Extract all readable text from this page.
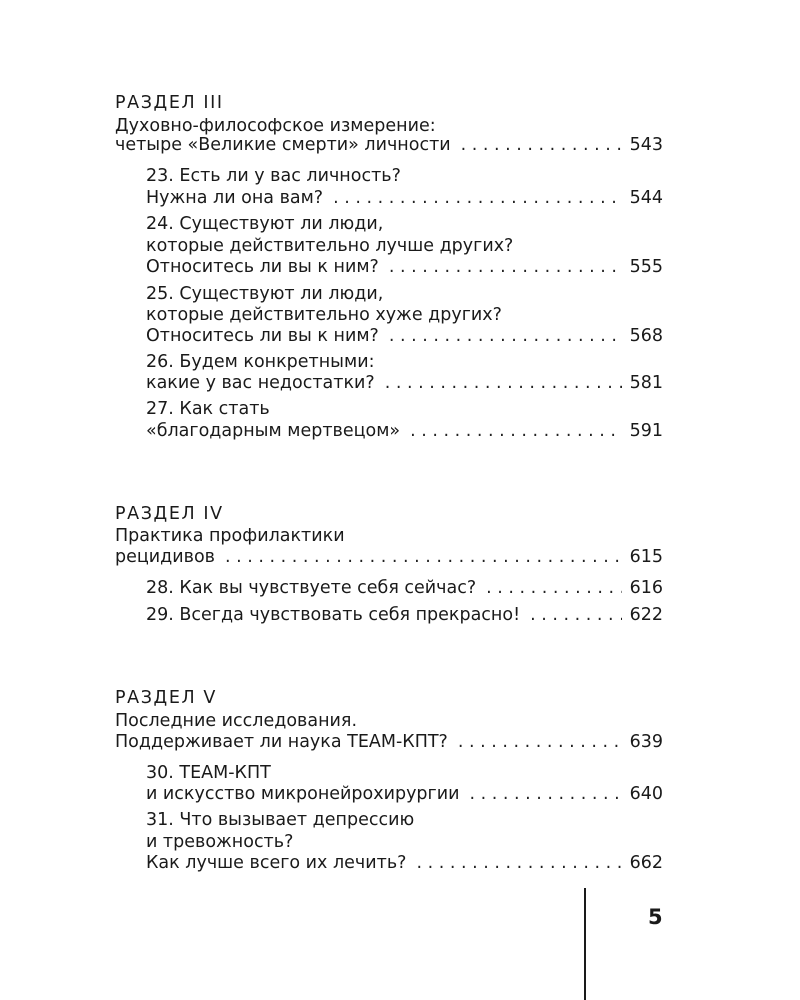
РАЗДЕЛ III
Духовно-философское измерение:
четыре «Великие смерти» личности . . .	543
23. Есть ли у вас личность?
Нужна ли она вам? . . .	544
24. Существуют ли люди,
которые действительно лучше других?
Относитесь ли вы к ним? . . .	555
25. Существуют ли люди,
которые действительно хуже других?
Относитесь ли вы к ним? . . .	568
26. Будем конкретными:
какие у вас недостатки? . . .	581
27. Как стать
«благодарным мертвецом» . . .	591
РАЗДЕЛ IV
Практика профилактики
рецидивов . . .	615
28. Как вы чувствуете себя сейчас? . . .	616
29. Всегда чувствовать себя прекрасно! . . .	622
РАЗДЕЛ V
Последние исследования.
Поддерживает ли наука TEAM-КПТ? . . .	639
30. TEAM-КПТ
и искусство микронейрохирургии . . .	640
31. Что вызывает депрессию
и тревожность?
Как лучше всего их лечить? . . .	662
5
